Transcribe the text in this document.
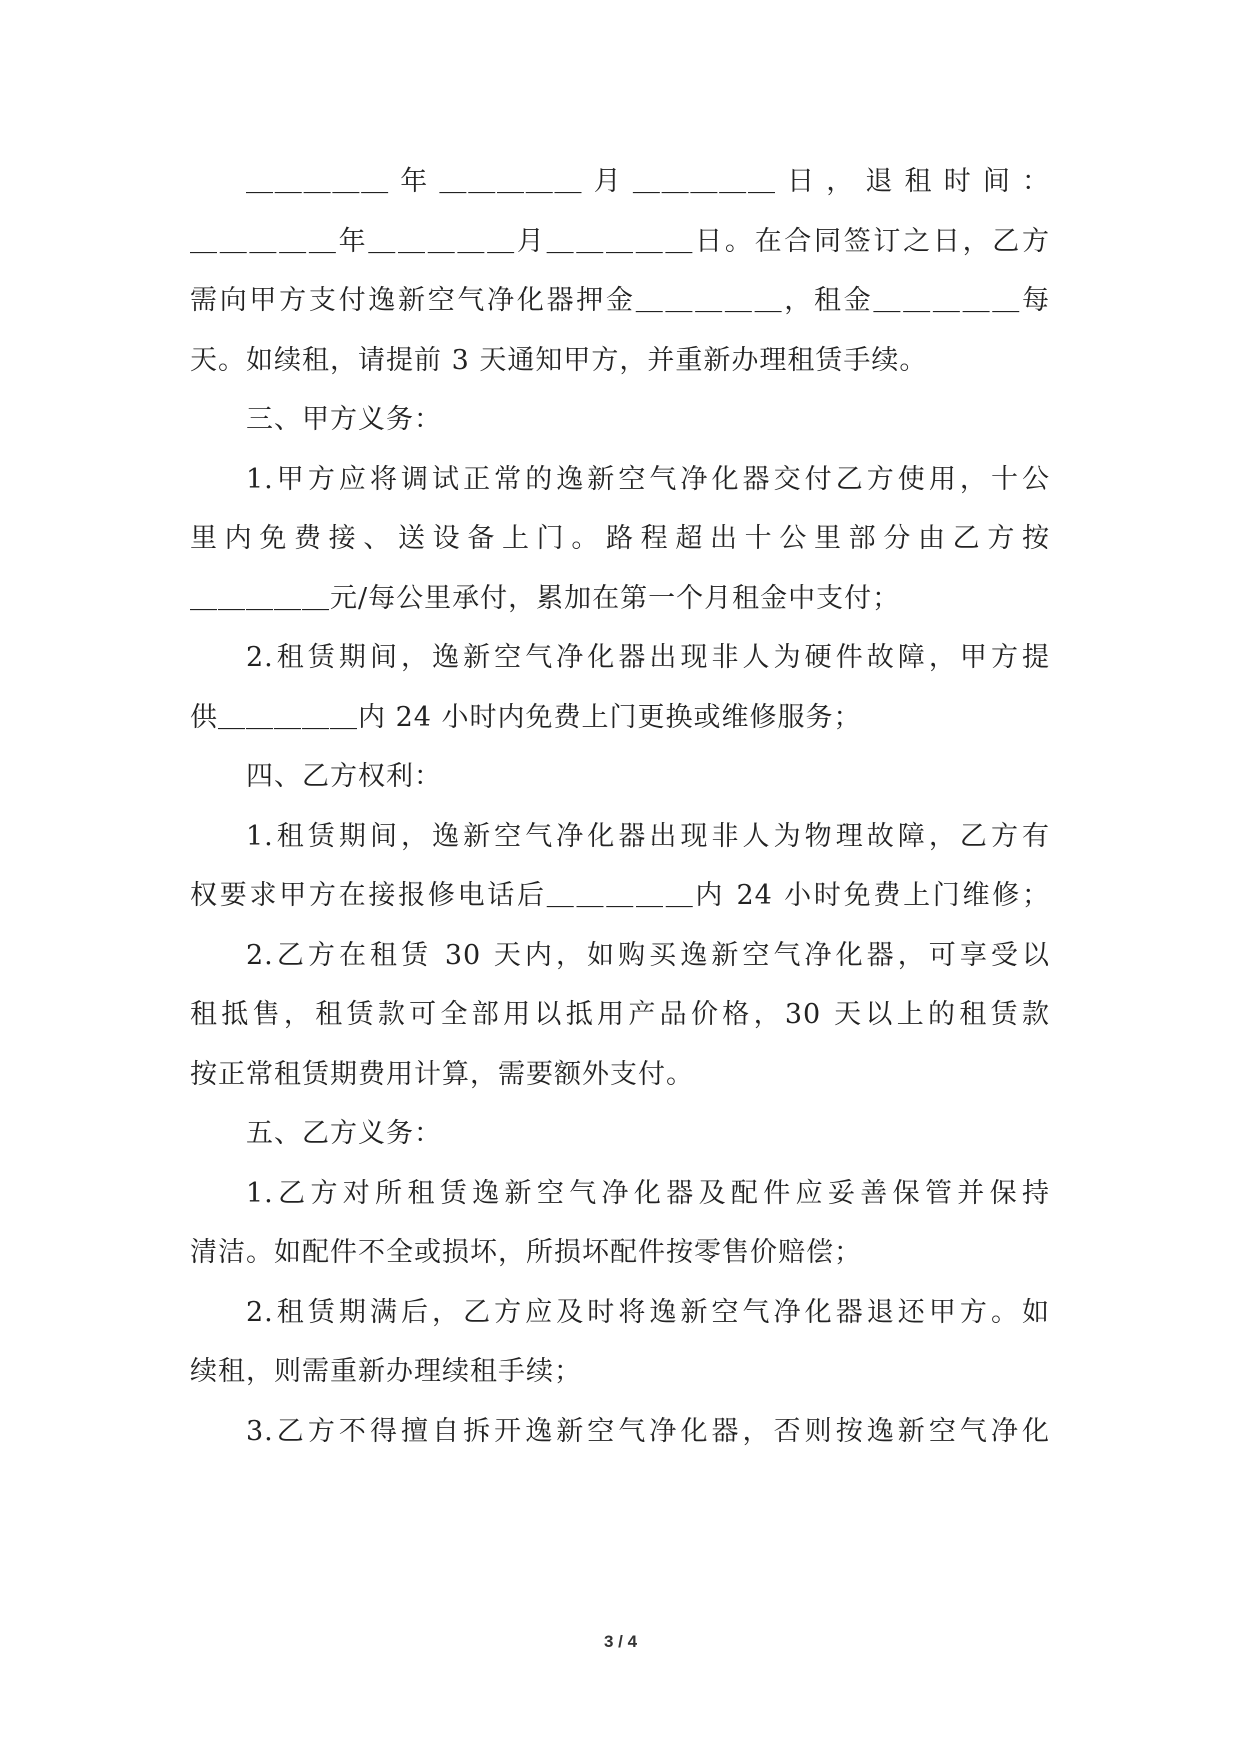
＿＿＿＿＿ 年 ＿＿＿＿＿ 月 ＿＿＿＿＿ 日 ， 退 租 时 间 ：
＿＿＿＿＿年＿＿＿＿＿月＿＿＿＿＿日。在合同签订之日，乙方
需向甲方支付逸新空气净化器押金＿＿＿＿＿，租金＿＿＿＿＿每
天。如续租，请提前 3 天通知甲方，并重新办理租赁手续。
三、甲方义务：
1.甲方应将调试正常的逸新空气净化器交付乙方使用，十公
里内免费接、送设备上门。路程超出十公里部分由乙方按
＿＿＿＿＿元/每公里承付，累加在第一个月租金中支付；
2.租赁期间，逸新空气净化器出现非人为硬件故障，甲方提
供＿＿＿＿＿内 24 小时内免费上门更换或维修服务；
四、乙方权利：
1.租赁期间，逸新空气净化器出现非人为物理故障，乙方有
权要求甲方在接报修电话后＿＿＿＿＿内 24 小时免费上门维修；
2.乙方在租赁 30 天内，如购买逸新空气净化器，可享受以
租抵售，租赁款可全部用以抵用产品价格，30 天以上的租赁款
按正常租赁期费用计算，需要额外支付。
五、乙方义务：
1.乙方对所租赁逸新空气净化器及配件应妥善保管并保持
清洁。如配件不全或损坏，所损坏配件按零售价赔偿；
2.租赁期满后，乙方应及时将逸新空气净化器退还甲方。如
续租，则需重新办理续租手续；
3.乙方不得擅自拆开逸新空气净化器，否则按逸新空气净化
3 / 4
